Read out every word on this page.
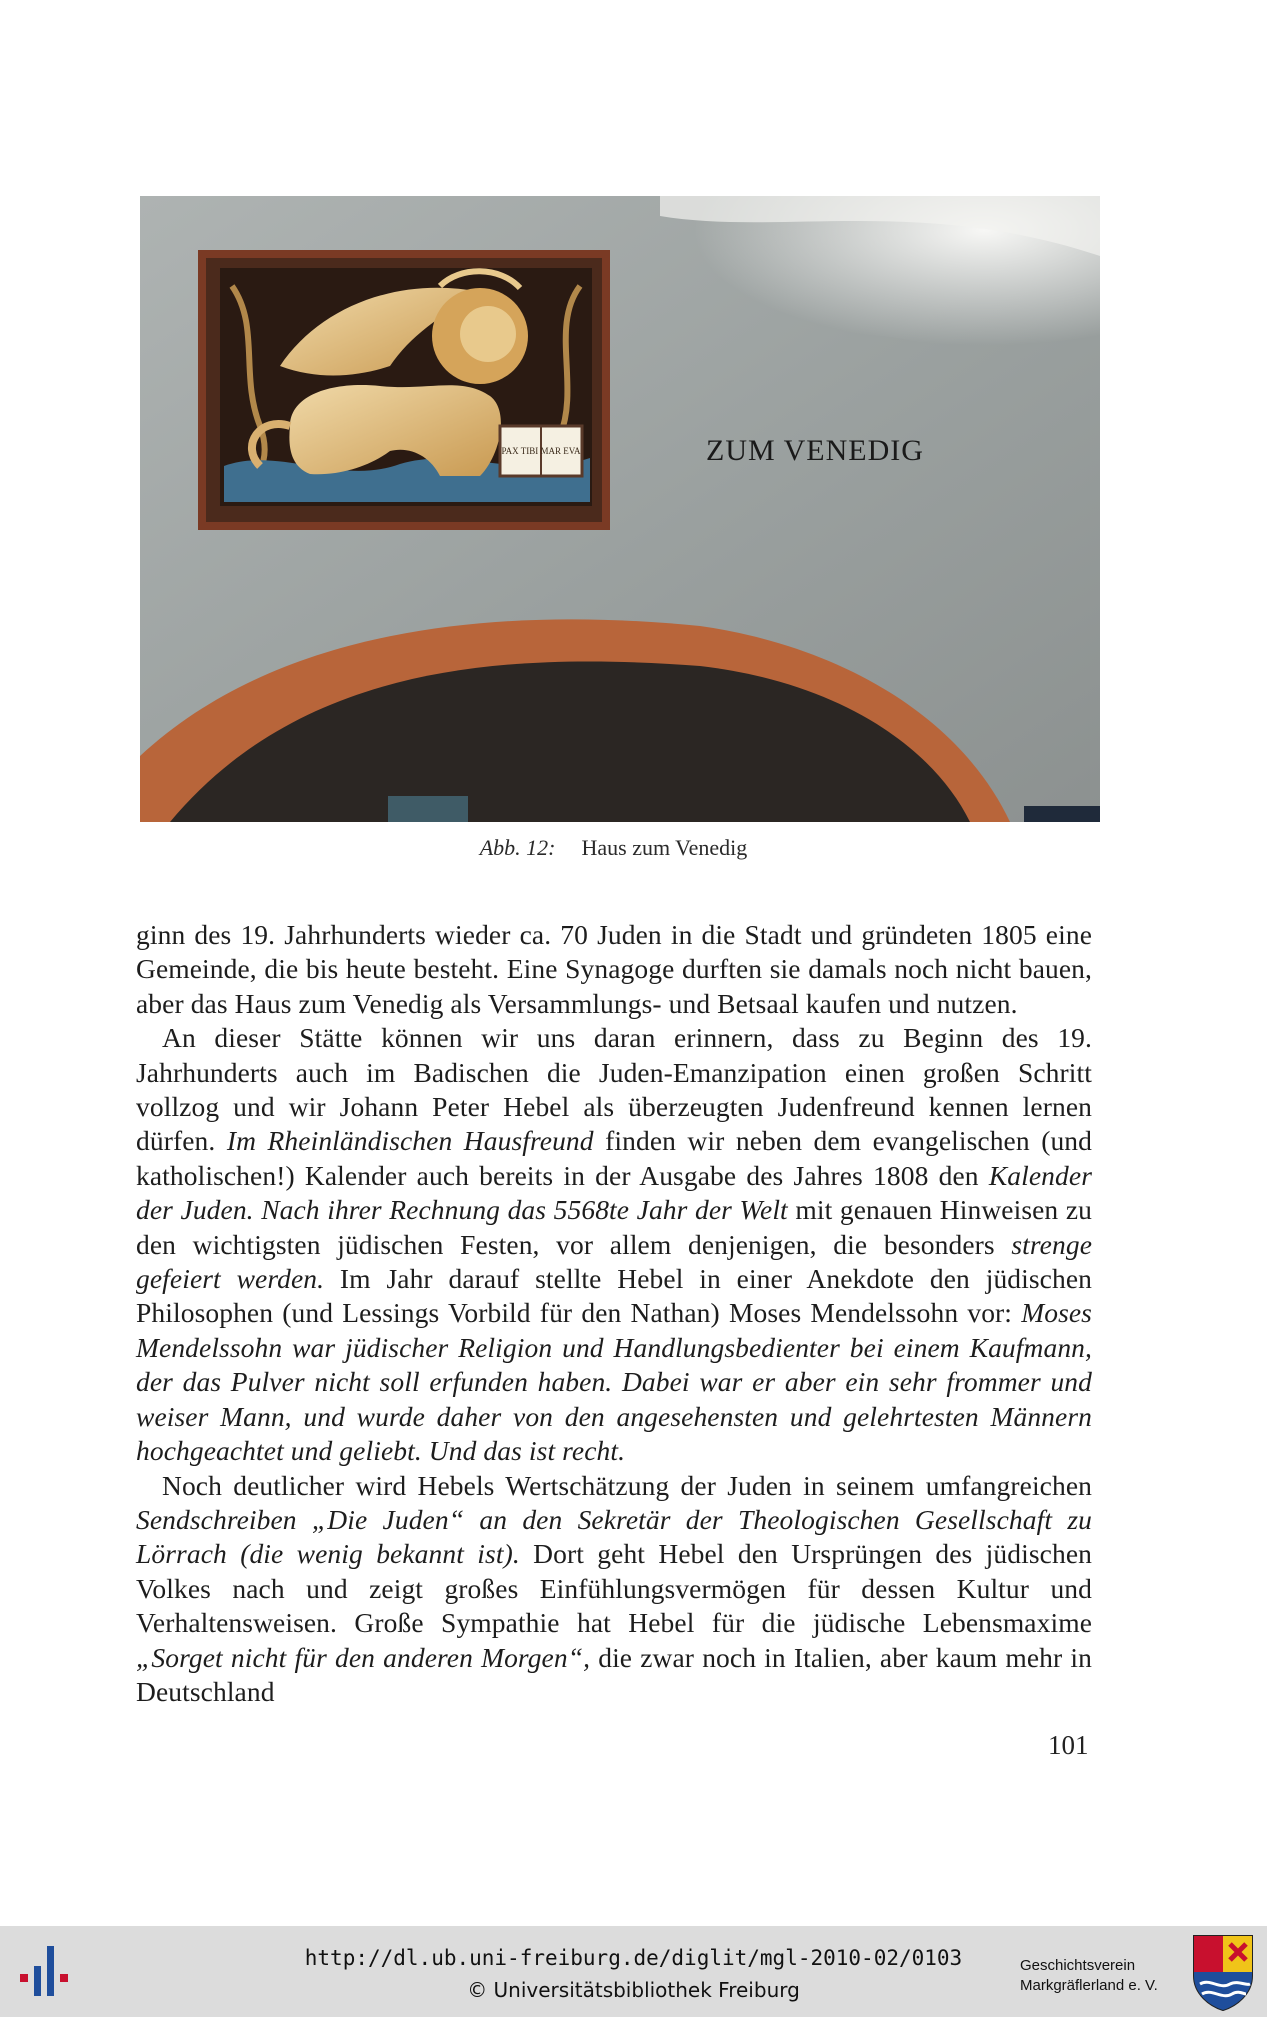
PAX TIBI MAR EVA	ZUM VENEDIG
Abb. 12: Haus zum Venedig

ginn des 19. Jahrhunderts wieder ca. 70 Juden in die Stadt und gründeten 1805 eine Gemeinde, die bis heute besteht. Eine Synagoge durften sie damals noch nicht bauen, aber das Haus zum Venedig als Versammlungs- und Betsaal kaufen und nutzen.

An dieser Stätte können wir uns daran erinnern, dass zu Beginn des 19. Jahrhunderts auch im Badischen die Juden-Emanzipation einen großen Schritt vollzog und wir Johann Peter Hebel als überzeugten Judenfreund kennen lernen dürfen. Im Rheinländischen Hausfreund finden wir neben dem evangelischen (und katholischen!) Kalender auch bereits in der Ausgabe des Jahres 1808 den Kalender der Juden. Nach ihrer Rechnung das 5568te Jahr der Welt mit genauen Hinweisen zu den wichtigsten jüdischen Festen, vor allem denjenigen, die besonders strenge gefeiert werden. Im Jahr darauf stellte Hebel in einer Anekdote den jüdischen Philosophen (und Lessings Vorbild für den Nathan) Moses Mendelssohn vor: Moses Mendelssohn war jüdischer Religion und Handlungsbedienter bei einem Kaufmann, der das Pulver nicht soll erfunden haben. Dabei war er aber ein sehr frommer und weiser Mann, und wurde daher von den angesehensten und gelehrtesten Männern hochgeachtet und geliebt. Und das ist recht.

Noch deutlicher wird Hebels Wertschätzung der Juden in seinem umfangreichen Sendschreiben „Die Juden“ an den Sekretär der Theologischen Gesellschaft zu Lörrach (die wenig bekannt ist). Dort geht Hebel den Ursprüngen des jüdischen Volkes nach und zeigt großes Einfühlungsvermögen für dessen Kultur und Verhaltensweisen. Große Sympathie hat Hebel für die jüdische Lebensmaxime „Sorget nicht für den anderen Morgen“, die zwar noch in Italien, aber kaum mehr in Deutschland

101
http://dl.ub.uni-freiburg.de/diglit/mgl-2010-02/0103
© Universitätsbibliothek Freiburg
Geschichtsverein
Markgräflerland e. V.
